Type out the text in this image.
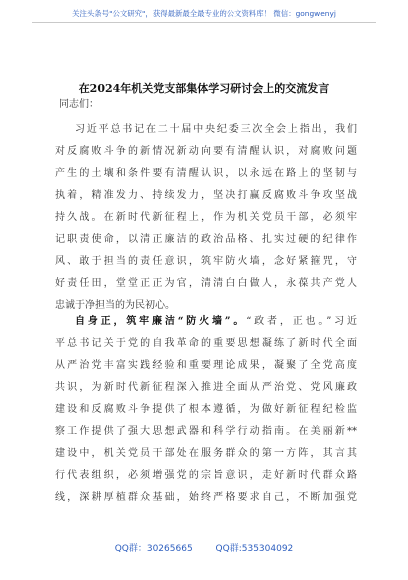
关注头条号"公文研究"，获得最新最全最专业的公文资料库！ 微信：gongwenyj
在2024年机关党支部集体学习研讨会上的交流发言
同志们：
习近平总书记在二十届中央纪委三次全会上指出，我们
对反腐败斗争的新情况新动向要有清醒认识，对腐败问题
产生的土壤和条件要有清醒认识，以永远在路上的坚韧与
执着，精准发力、持续发力，坚决打赢反腐败斗争攻坚战
持久战。在新时代新征程上，作为机关党员干部，必须牢
记职责使命，以清正廉洁的政治品格、扎实过硬的纪律作
风、敢于担当的责任意识，筑牢防火墙，念好紧箍咒，守
好责任田，堂堂正正为官，清清白白做人，永葆共产党人
忠诚于净担当的为民初心。
自身正，筑牢廉洁“防火墙”。“政者，正也。”习近
平总书记关于党的自我革命的重要思想凝练了新时代全面
从严治党丰富实践经验和重要理论成果，凝聚了全党高度
共识，为新时代新征程深入推进全面从严治党、党风廉政
建设和反腐败斗争提供了根本遵循，为做好新征程纪检监
察工作提供了强大思想武器和科学行动指南。在美丽新**
建设中，机关党员干部处在服务群众的第一方阵，其言其
行代表组织，必须增强党的宗旨意识，走好新时代群众路
线，深耕厚植群众基础，始终严格要求自己，不断加强党
QQ群：30265665	QQ群:535304092
